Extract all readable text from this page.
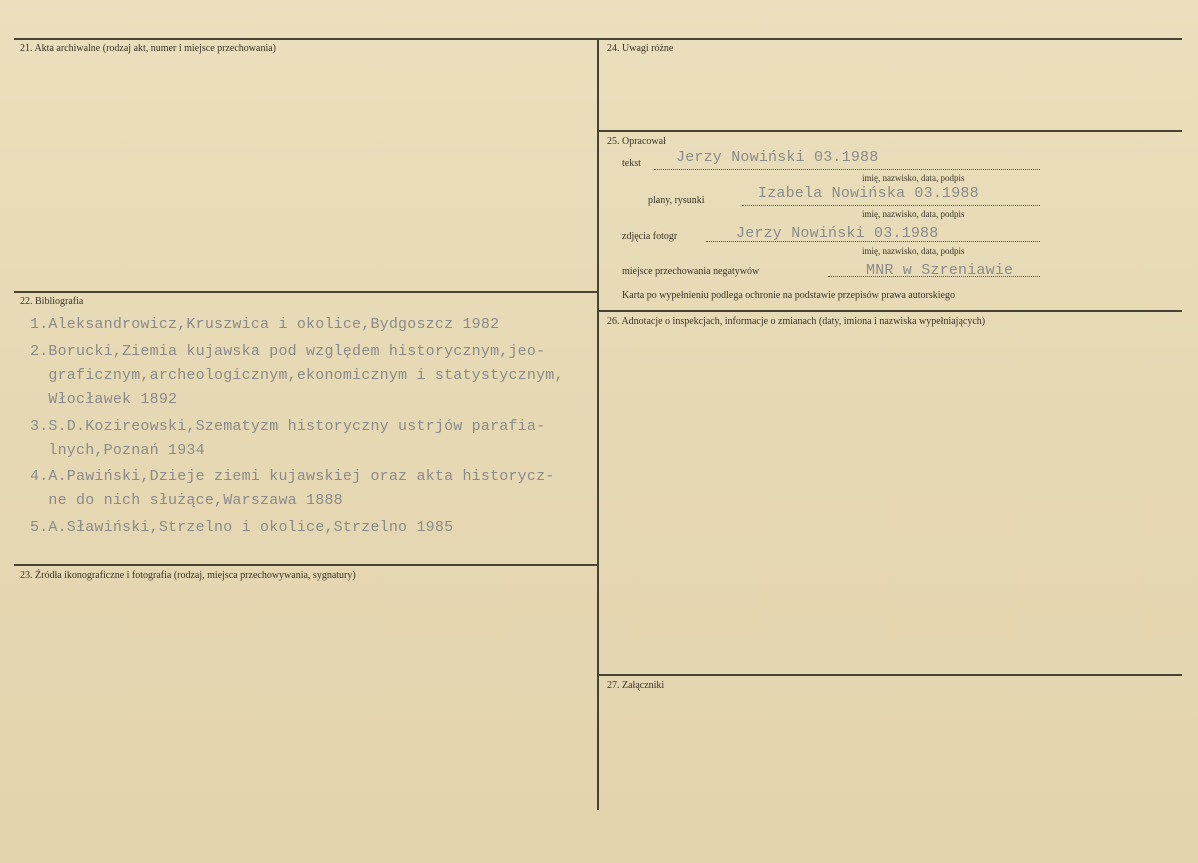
21. Akta archiwalne (rodzaj akt, numer i miejsce przechowania)
22. Bibliografia
23. Źródła ikonograficzne i fotografia (rodzaj, miejsca przechowywania, sygnatury)
24. Uwagi różne
25. Opracował
26. Adnotacje o inspekcjach, informacje o zmianach (daty, imiona i nazwiska wypełniających)
27. Załączniki
tekst Jerzy Nowiński 03.1988
imię, nazwisko, data, podpis
plany, rysunki	Izabela Nowińska 03.1988
imię, nazwisko, data, podpis
zdjęcia fotogr	Jerzy Nowiński 03.1988
imię, nazwisko, data, podpis
miejsce przechowania negatywów	MNR w Szreniawie
Karta po wypełnieniu podlega ochronie na podstawie przepisów prawa autorskiego
1.Aleksandrowicz,Kruszwica i okolice,Bydgoszcz 1982
2.Borucki,Ziemia kujawska pod względem historycznym,jeo-
graficznym,archeologicznym,ekonomicznym i statystycznym,
Włocławek 1892
3.S.D.Kozireowski,Szematyzm historyczny ustrjów parafia-
lnych,Poznań 1934
4.A.Pawiński,Dzieje ziemi kujawskiej oraz akta historycz-
ne do nich służące,Warszawa 1888
5.A.Sławiński,Strzelno i okolice,Strzelno 1985
